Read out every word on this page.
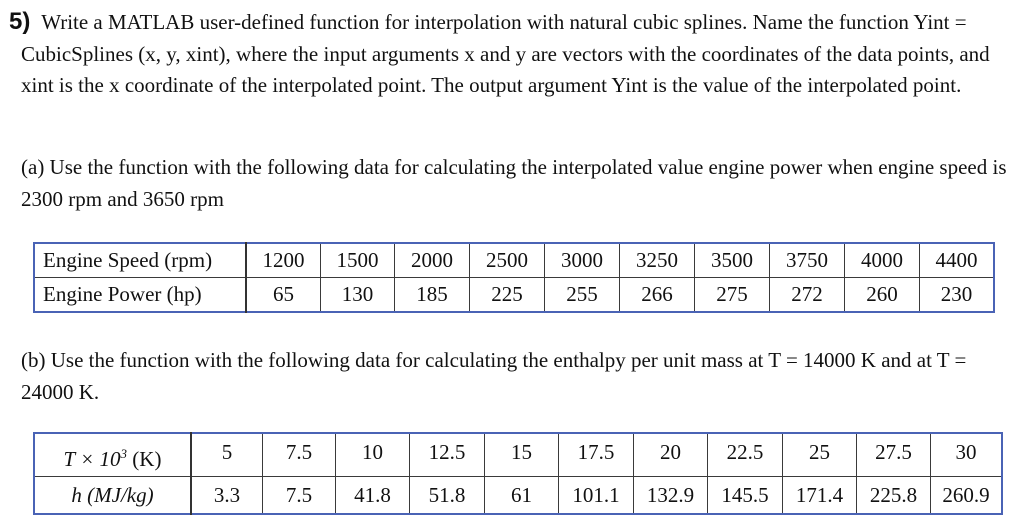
5) Write a MATLAB user-defined function for interpolation with natural cubic splines. Name the function Yint = CubicSplines (x, y, xint), where the input arguments x and y are vectors with the coordinates of the data points, and xint is the x coordinate of the interpolated point. The output argument Yint is the value of the interpolated point.

(a) Use the function with the following data for calculating the interpolated value engine power when engine speed is 2300 rpm and 3650 rpm

Engine Speed (rpm)	1200	1500	2000	2500	3000	3250	3500	3750	4000	4400
Engine Power (hp)	65	130	185	225	255	266	275	272	260	230

(b) Use the function with the following data for calculating the enthalpy per unit mass at T = 14000 K and at T = 24000 K.

$T \times 10^3$ (K)	5	7.5	10	12.5	15	17.5	20	22.5	25	27.5	30
h (MJ/kg)	3.3	7.5	41.8	51.8	61	101.1	132.9	145.5	171.4	225.8	260.9
